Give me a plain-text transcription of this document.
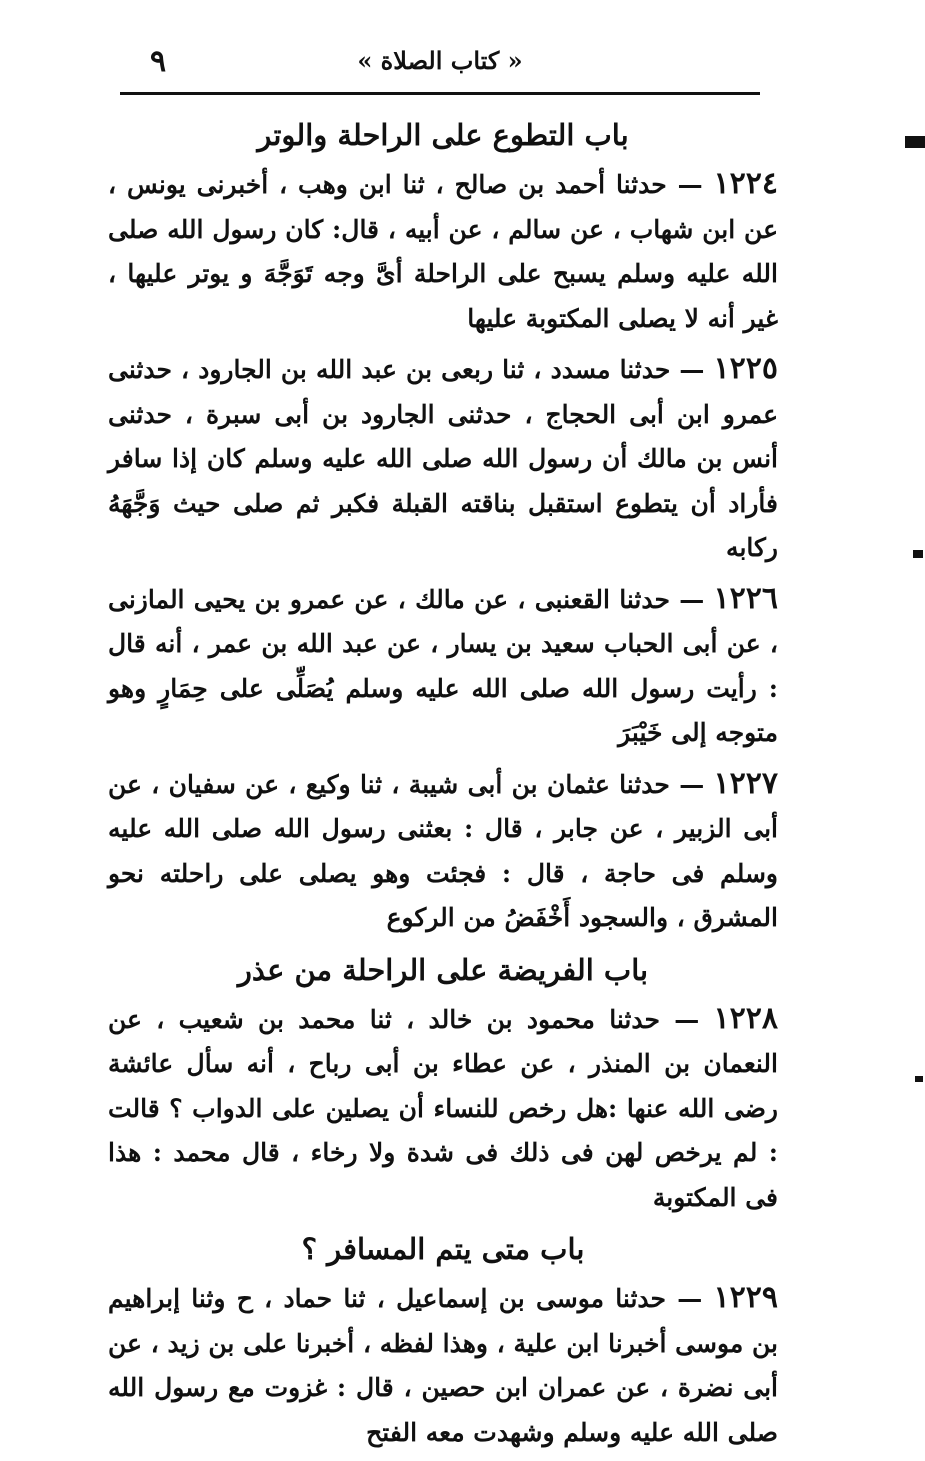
٩	« كتاب الصلاة »
باب التطوع على الراحلة والوتر

١٢٢٤ — حدثنا أحمد بن صالح ، ثنا ابن وهب ، أخبرنى يونس ، عن ابن شهاب ، عن سالم ، عن أبيه ، قال: كان رسول الله صلى الله عليه وسلم يسبح على الراحلة أىَّ وجه تَوَجَّهَ و يوتر عليها ، غير أنه لا يصلى المكتوبة عليها

١٢٢٥ — حدثنا مسدد ، ثنا ربعى بن عبد الله بن الجارود ، حدثنى عمرو ابن أبى الحجاج ، حدثنى الجارود بن أبى سبرة ، حدثنى أنس بن مالك أن رسول الله صلى الله عليه وسلم كان إذا سافر فأراد أن يتطوع استقبل بناقته القبلة فكبر ثم صلى حيث وَجَّهَهُ ركابه

١٢٢٦ — حدثنا القعنبى ، عن مالك ، عن عمرو بن يحيى المازنى ، عن أبى الحباب سعيد بن يسار ، عن عبد الله بن عمر ، أنه قال : رأيت رسول الله صلى الله عليه وسلم يُصَلِّى على حِمَارٍ وهو متوجه إلى خَيْبَرَ

١٢٢٧ — حدثنا عثمان بن أبى شيبة ، ثنا وكيع ، عن سفيان ، عن أبى الزبير ، عن جابر ، قال : بعثنى رسول الله صلى الله عليه وسلم فى حاجة ، قال : فجئت وهو يصلى على راحلته نحو المشرق ، والسجود أَخْفَضُ من الركوع

باب الفريضة على الراحلة من عذر

١٢٢٨ — حدثنا محمود بن خالد ، ثنا محمد بن شعيب ، عن النعمان بن المنذر ، عن عطاء بن أبى رباح ، أنه سأل عائشة رضى الله عنها :هل رخص للنساء أن يصلين على الدواب ؟ قالت : لم يرخص لهن فى ذلك فى شدة ولا رخاء ، قال محمد : هذا فى المكتوبة

باب متى يتم المسافر ؟

١٢٢٩ — حدثنا موسى بن إسماعيل ، ثنا حماد ، ح وثنا إبراهيم بن موسى أخبرنا ابن علية ، وهذا لفظه ، أخبرنا على بن زيد ، عن أبى نضرة ، عن عمران ابن حصين ، قال : غزوت مع رسول الله صلى الله عليه وسلم وشهدت معه الفتح
